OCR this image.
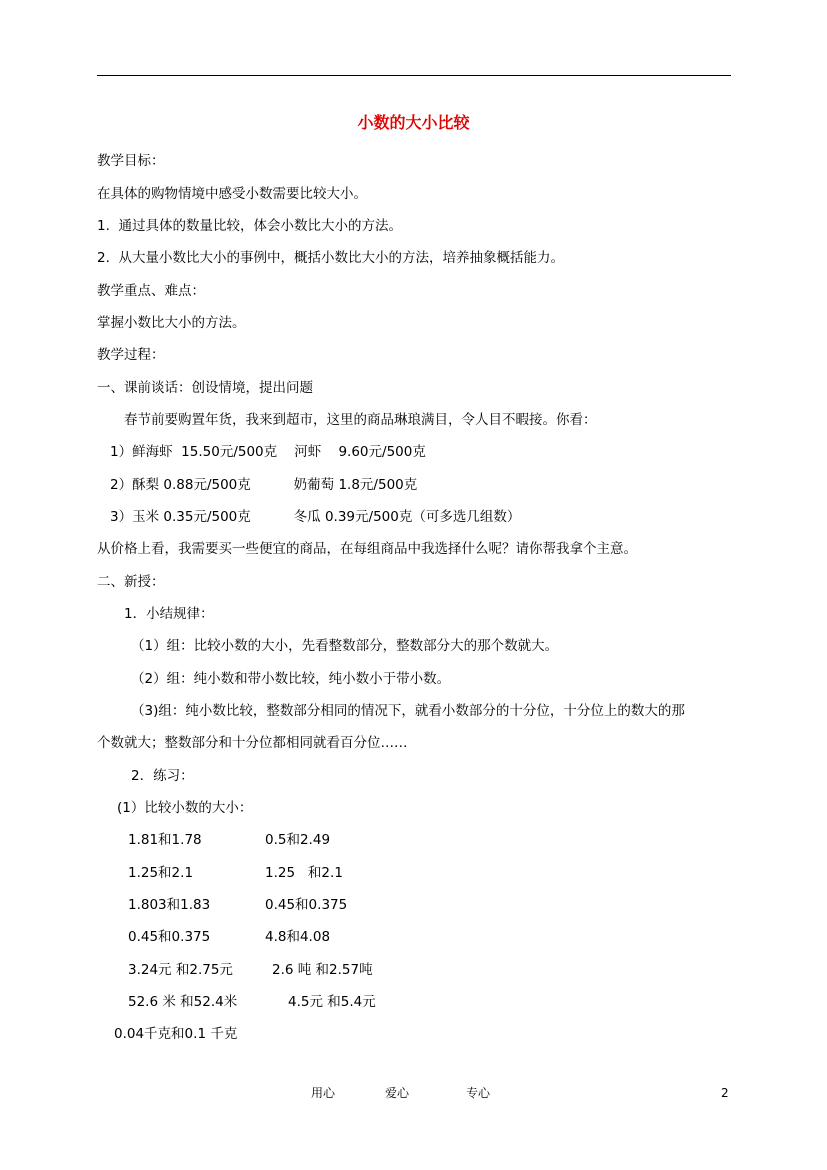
小数的大小比较
教学目标：
在具体的购物情境中感受小数需要比较大小。
1.  通过具体的数量比较，体会小数比大小的方法。
2.  从大量小数比大小的事例中，概括小数比大小的方法，培养抽象概括能力。
教学重点、难点：
掌握小数比大小的方法。
教学过程：
一、课前谈话：创设情境，提出问题
春节前要购置年货，我来到超市，这里的商品琳琅满目，令人目不暇接。你看：
1）鲜海虾  15.50元/500克    河虾    9.60元/500克
2）酥梨 0.88元/500克          奶葡萄 1.8元/500克
3）玉米 0.35元/500克          冬瓜 0.39元/500克（可多选几组数）
从价格上看，我需要买一些便宜的商品，在每组商品中我选择什么呢？请你帮我拿个主意。
二、新授：
1．小结规律：
（1）组：比较小数的大小，先看整数部分，整数部分大的那个数就大。
（2）组：纯小数和带小数比较，纯小数小于带小数。
（3)组：纯小数比较，整数部分相同的情况下，就看小数部分的十分位，十分位上的数大的那
个数就大；整数部分和十分位都相同就看百分位……
2．练习：
(1）比较小数的大小：
1.81和1.78	0.5和2.49
1.25和2.1	1.25   和2.1
1.803和1.83	0.45和0.375
0.45和0.375	4.8和4.08
3.24元 和2.75元	2.6 吨 和2.57吨
52.6 米 和52.4米	4.5元 和5.4元
0.04千克和0.1 千克
用心	爱心	专心	2
